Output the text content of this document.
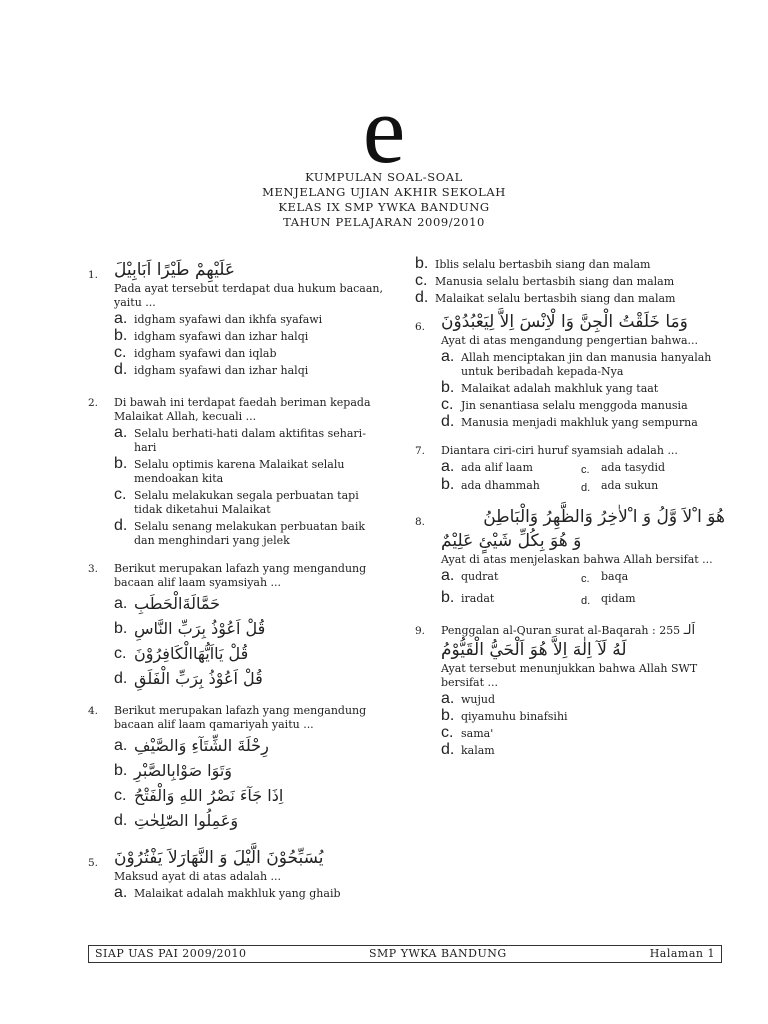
e
KUMPULAN SOAL-SOAL
MENJELANG UJIAN AKHIR SEKOLAH
KELAS IX SMP YWKA BANDUNG
TAHUN PELAJARAN 2009/2010
1. عَلَيْهِمْ طَيْرًا اَبَابِيْلَ
Pada ayat tersebut terdapat dua hukum bacaan, yaitu ...
a. idgham syafawi dan ikhfa syafawi
b. idgham syafawi dan izhar halqi
c. idgham syafawi dan iqlab
d. idgham syafawi dan izhar halqi
2. Di bawah ini terdapat faedah beriman kepada Malaikat Allah, kecuali ...
a. Selalu berhati-hati dalam aktifitas sehari-hari
b. Selalu optimis karena Malaikat selalu mendoakan kita
c. Selalu melakukan segala perbuatan tapi tidak diketahui Malaikat
d. Selalu senang melakukan perbuatan baik dan menghindari yang jelek
3. Berikut merupakan lafazh yang mengandung bacaan alif laam syamsiyah ...
a. حَمَّالَةَالْحَطَبِ
b. قُلْ اَعُوْذُ بِرَبِّ النَّاسِ
c. قُلْ يَااَيُّهَاالْكَافِرُوْنَ
d. قُلْ اَعُوْذُ بِرَبِّ الْفَلَقِ
4. Berikut merupakan lafazh yang mengandung bacaan alif laam qamariyah yaitu ...
a. رِحْلَةَ الشِّتَآءِ وَالصَّيْفِ
b. وَتَوَا صَوْابِالصَّبْرِ
c. اِذَا جَآءَ نَصْرُ اللهِ وَالْفَتْحُ
d. وَعَمِلُوا الصّٰلِحٰتِ
5. يُسَبِّحُوْنَ الَّيْلَ وَ النَّهَارَلاَ يَفْتُرُوْنَ
Maksud ayat di atas adalah ...
a. Malaikat adalah makhluk yang ghaib
b. Iblis selalu bertasbih siang dan malam
c. Manusia selalu bertasbih siang dan malam
d. Malaikat selalu bertasbih siang dan malam
6. وَمَا خَلَقْتُ الْجِنَّ وَا لْاِنْسَ اِلاَّ لِيَعْبُدُوْنَ
Ayat di atas mengandung pengertian bahwa...
a. Allah menciptakan jin dan manusia hanyalah untuk beribadah kepada-Nya
b. Malaikat adalah makhluk yang taat
c. Jin senantiasa selalu menggoda manusia
d. Manusia menjadi makhluk yang sempurna
7. Diantara ciri-ciri huruf syamsiah adalah ...
a. ada alif laam	c. ada tasydid
b. ada dhammah	d. ada sukun
8.	هُوَ ا ْلاَ وَّلُ وَ ا ْلاٰخِرُ وَالظَّهِرُ وَالْبَاطِنُ
وَ هُوَ بِكُلِّ شَيْئٍ عَلِيْمٌ
Ayat di atas menjelaskan bahwa Allah bersifat ...
a. qudrat	c. baqa
b. iradat	d. qidam
9. Penggalan al-Quran surat al-Baqarah : 255 اَلـ
لَهُ لَآ اِلٰهَ اِلاَّ هُوَ اَلْحَيُّ الْقَيُّوْمُ
Ayat tersebut menunjukkan bahwa Allah SWT bersifat ...
a. wujud
b. qiyamuhu binafsihi
c. sama'
d. kalam
SIAP UAS PAI 2009/2010	SMP YWKA BANDUNG	Halaman 1
